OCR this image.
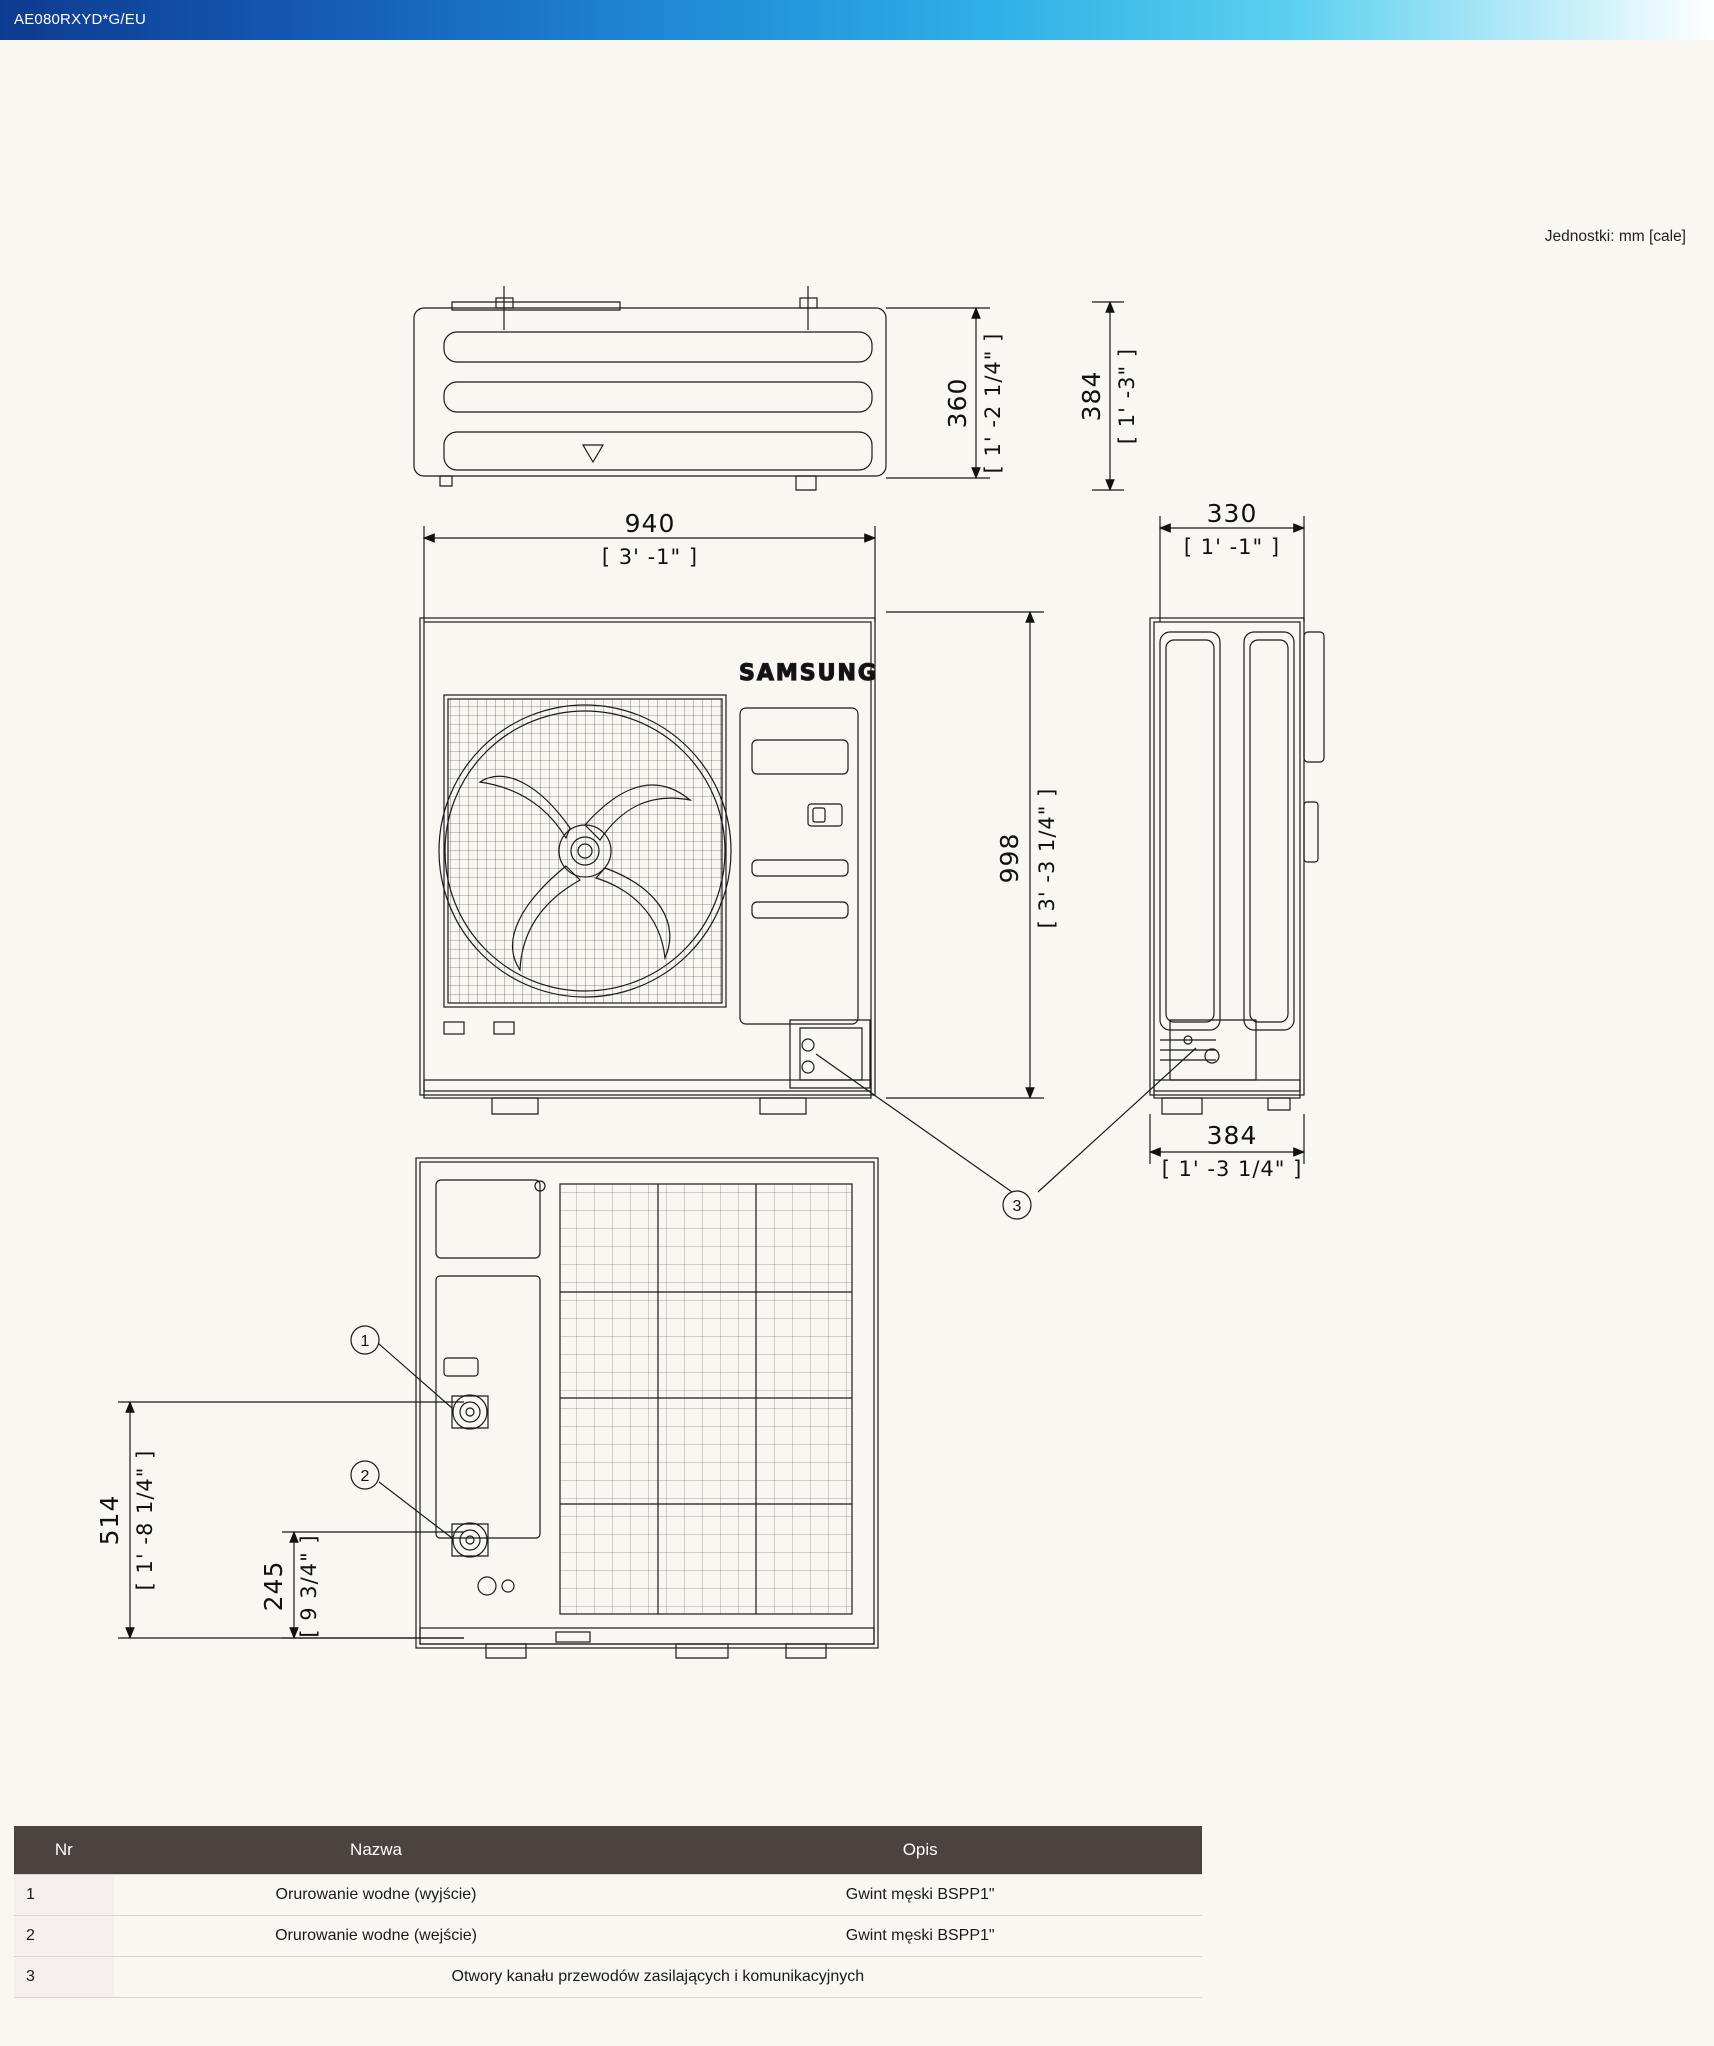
AE080RXYD*G/EU
Jednostki: mm [cale]
SAMSUNG
360 [ 1' -2 1/4" ]	384 [ 1' -3" ]
940
[ 3' -1" ]
998 [ 3' -3 1/4" ]
330
[ 1' -1" ]
384
[ 1' -3 1/4" ]
514 [ 1' -8 1/4" ]	245 [ 9 3/4" ]
1
2
3
Nr	Nazwa	Opis
1	Orurowanie wodne (wyjście)	Gwint męski BSPP1"
2	Orurowanie wodne (wejście)	Gwint męski BSPP1"
3	Otwory kanału przewodów zasilających i komunikacyjnych	
